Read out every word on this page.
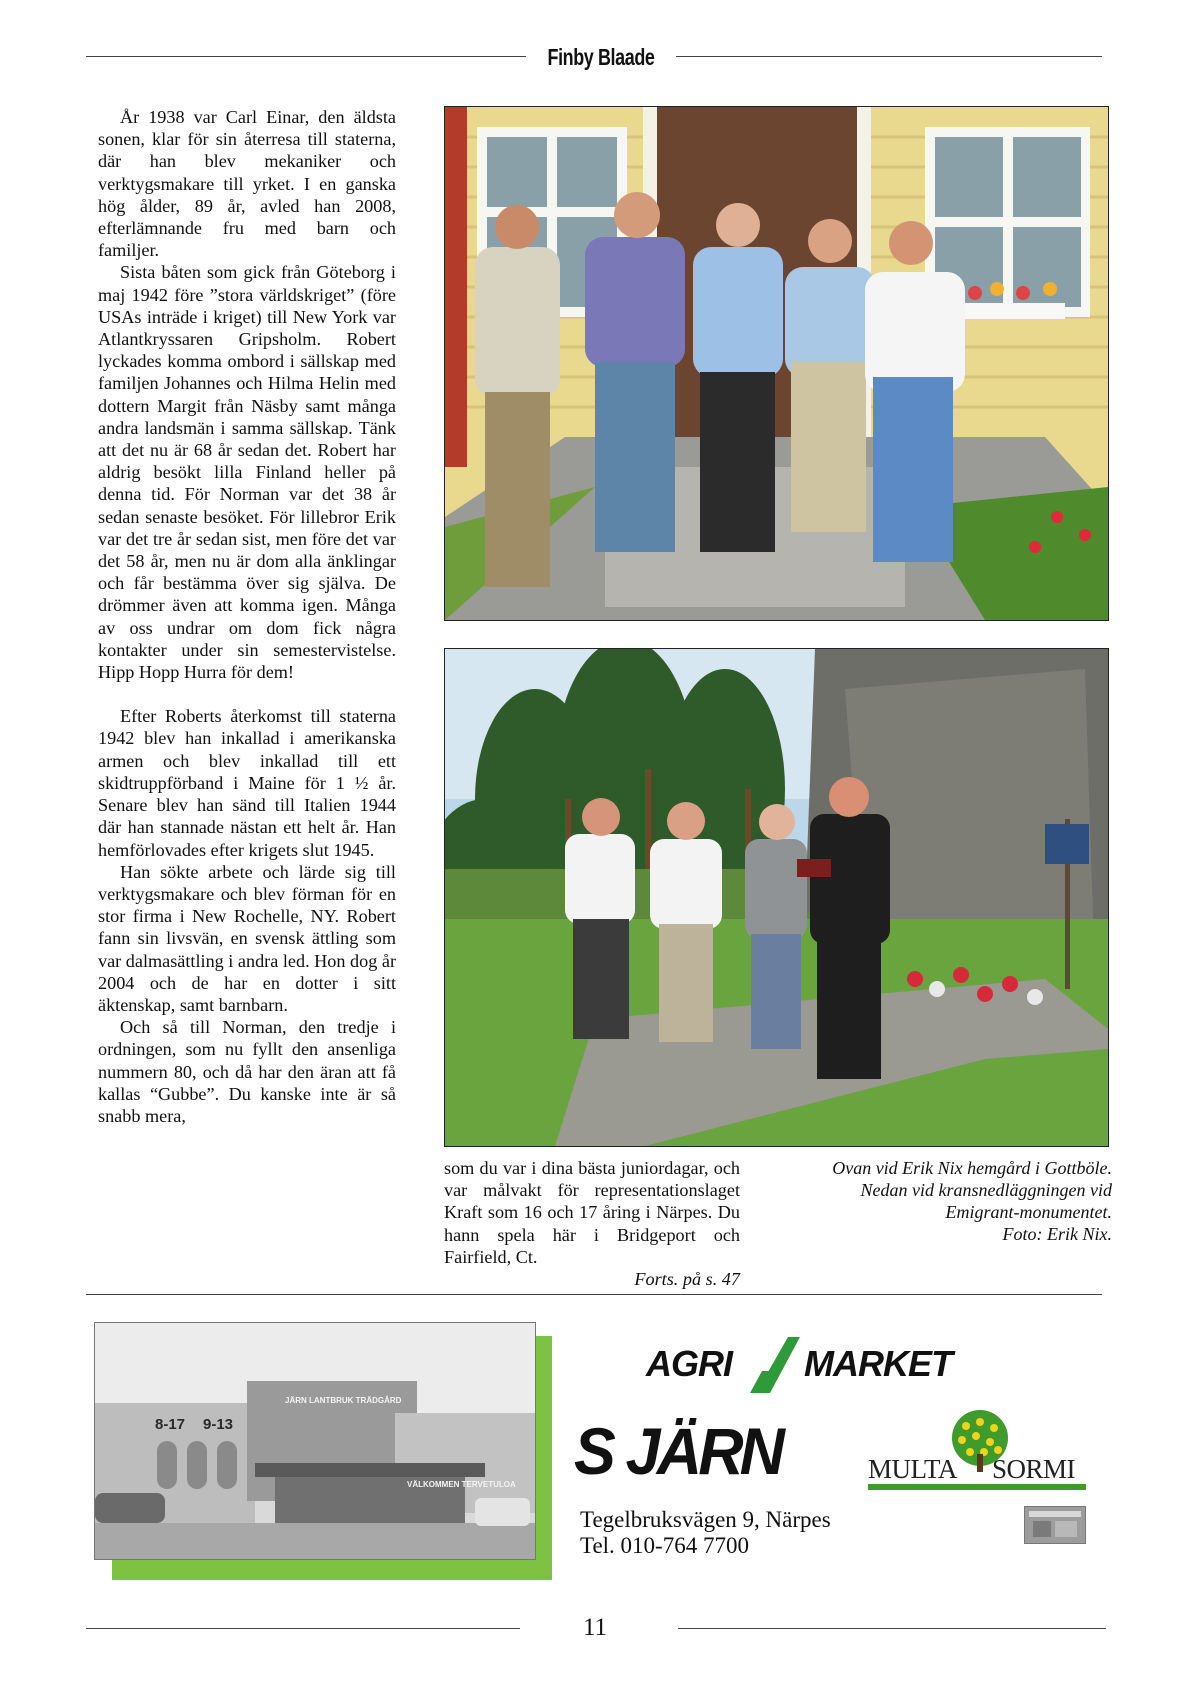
Finby Blaade

År 1938 var Carl Einar, den äldsta sonen, klar för sin återresa till staterna, där han blev mekaniker och verktygsmakare till yrket. I en ganska hög ålder, 89 år, avled han 2008, efterlämnande fru med barn och familjer.

Sista båten som gick från Göteborg i maj 1942 före ”stora världskriget” (före USAs inträde i kriget) till New York var Atlantkryssaren Gripsholm. Robert lyckades komma ombord i sällskap med familjen Johannes och Hilma Helin med dottern Margit från Näsby samt många andra landsmän i samma sällskap. Tänk att det nu är 68 år sedan det. Robert har aldrig besökt lilla Finland heller på denna tid. För Norman var det 38 år sedan senaste besöket. För lillebror Erik var det tre år sedan sist, men före det var det 58 år, men nu är dom alla änklingar och får bestämma över sig själva. De drömmer även att komma igen. Många av oss undrar om dom fick några kontakter under sin semestervistelse. Hipp Hopp Hurra för dem!

Efter Roberts återkomst till staterna 1942 blev han inkallad i amerikanska armen och blev inkallad till ett skidtruppförband i Maine för 1 ½ år. Senare blev han sänd till Italien 1944 där han stannade nästan ett helt år. Han hemförlovades efter krigets slut 1945.

Han sökte arbete och lärde sig till verktygsmakare och blev förman för en stor firma i New Rochelle, NY. Robert fann sin livsvän, en svensk ättling som var dalmasättling i andra led. Hon dog år 2004 och de har en dotter i sitt äktenskap, samt barnbarn.

Och så till Norman, den tredje i ordningen, som nu fyllt den ansenliga nummern 80, och då har den äran att få kallas “Gubbe”. Du kanske inte är så snabb mera,

som du var i dina bästa juniordagar, och var målvakt för representationslaget Kraft som 16 och 17 åring i Närpes. Du hann spela här i Bridgeport och Fairfield, Ct.

Forts. på s. 47
Ovan vid Erik Nix hemgård i Gottböle.
Nedan vid kransnedläggningen vid
Emigrant-monumentet.
Foto: Erik Nix.
8-17 9-13
JÄRN LANTBRUK TRÄDGÅRD
VÄLKOMMEN TERVETULOA
AGRI MARKET
S JÄRN	MULTA SORMI
Tegelbruksvägen 9, Närpes
Tel. 010-764 7700
11
